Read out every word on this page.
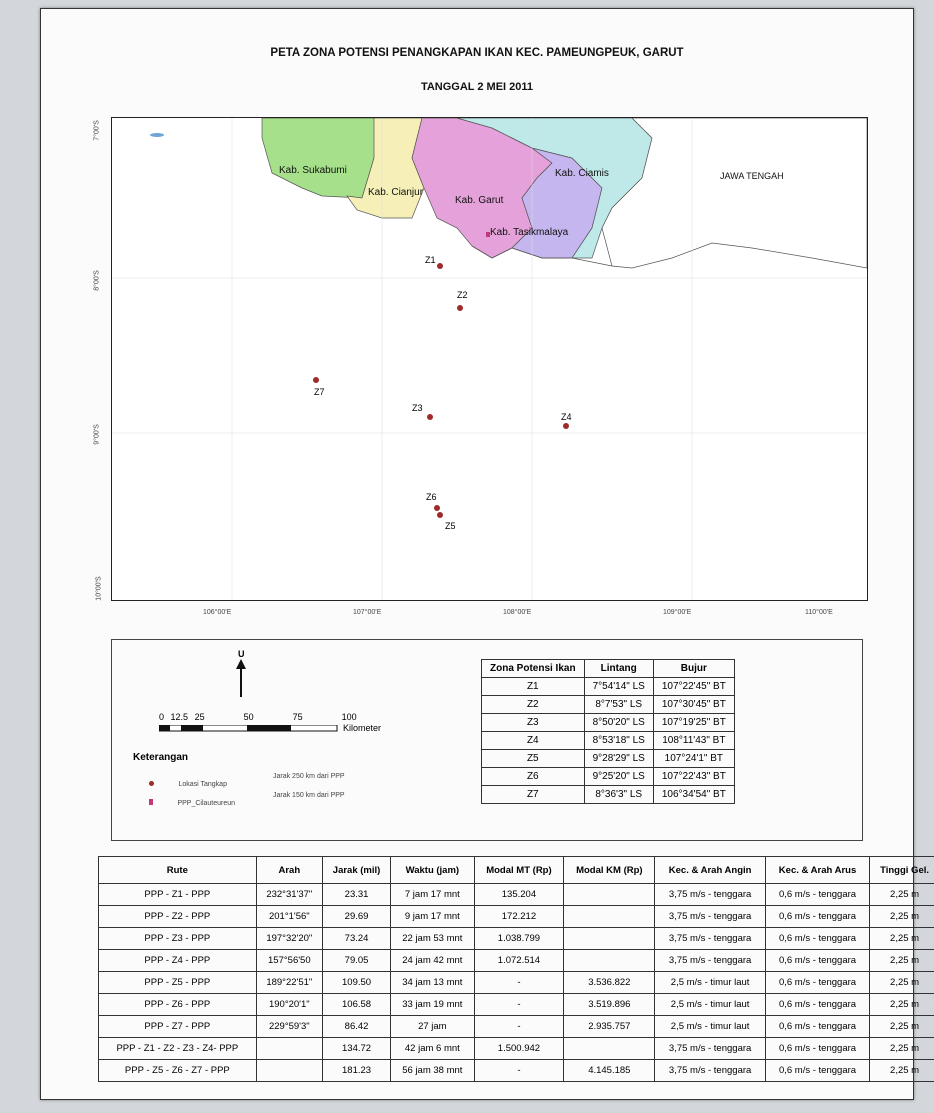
PETA ZONA POTENSI PENANGKAPAN IKAN KEC. PAMEUNGPEUK, GARUT
TANGGAL 2 MEI 2011
Kab. Sukabumi
Kab. Cianjur
Kab. Garut
Kab. Ciamis
Kab. Tasikmalaya
JAWA TENGAH
Z1
Z2
Z7
Z3
Z4
Z6
Z5
7°00'S
8°00'S
9°00'S
10°00'S
106°00'E	107°00'E	108°00'E	109°00'E	110°00'E
U
0 12.5 25	50	75	100
Kilometer
Keterangan
Lokasi Tangkap
PPP_Cilauteureun
Jarak 250 km dari PPP
Jarak 150 km dari PPP
Zona Potensi Ikan	Lintang	Bujur
Z1	7°54'14" LS	107°22'45" BT
Z2	8°7'53" LS	107°30'45" BT
Z3	8°50'20" LS	107°19'25" BT
Z4	8°53'18" LS	108°11'43" BT
Z5	9°28'29" LS	107°24'1" BT
Z6	9°25'20" LS	107°22'43" BT
Z7	8°36'3" LS	106°34'54" BT
Rute	Arah	Jarak (mil)	Waktu (jam)	Modal MT (Rp)	Modal KM (Rp)	Kec. & Arah Angin	Kec. & Arah Arus	Tinggi Gel.
PPP - Z1 - PPP	232°31'37"	23.31	7 jam 17 mnt	135.204		3,75 m/s - tenggara	0,6 m/s - tenggara	2,25 m
PPP - Z2 - PPP	201°1'56"	29.69	9 jam 17 mnt	172.212		3,75 m/s - tenggara	0,6 m/s - tenggara	2,25 m
PPP - Z3 - PPP	197°32'20"	73.24	22 jam 53 mnt	1.038.799		3,75 m/s - tenggara	0,6 m/s - tenggara	2,25 m
PPP - Z4 - PPP	157°56'50	79.05	24 jam 42 mnt	1.072.514		3,75 m/s - tenggara	0,6 m/s - tenggara	2,25 m
PPP - Z5 - PPP	189°22'51"	109.50	34 jam 13 mnt	-	3.536.822	2,5 m/s - timur laut	0,6 m/s - tenggara	2,25 m
PPP - Z6 - PPP	190°20'1"	106.58	33 jam 19 mnt	-	3.519.896	2,5 m/s - timur laut	0,6 m/s - tenggara	2,25 m
PPP - Z7 - PPP	229°59'3"	86.42	27 jam	-	2.935.757	2,5 m/s - timur laut	0,6 m/s - tenggara	2,25 m
PPP - Z1 - Z2 - Z3 - Z4- PPP		134.72	42 jam 6 mnt	1.500.942		3,75 m/s - tenggara	0,6 m/s - tenggara	2,25 m
PPP - Z5 - Z6 - Z7 - PPP		181.23	56 jam 38 mnt	-	4.145.185	3,75 m/s - tenggara	0,6 m/s - tenggara	2,25 m
